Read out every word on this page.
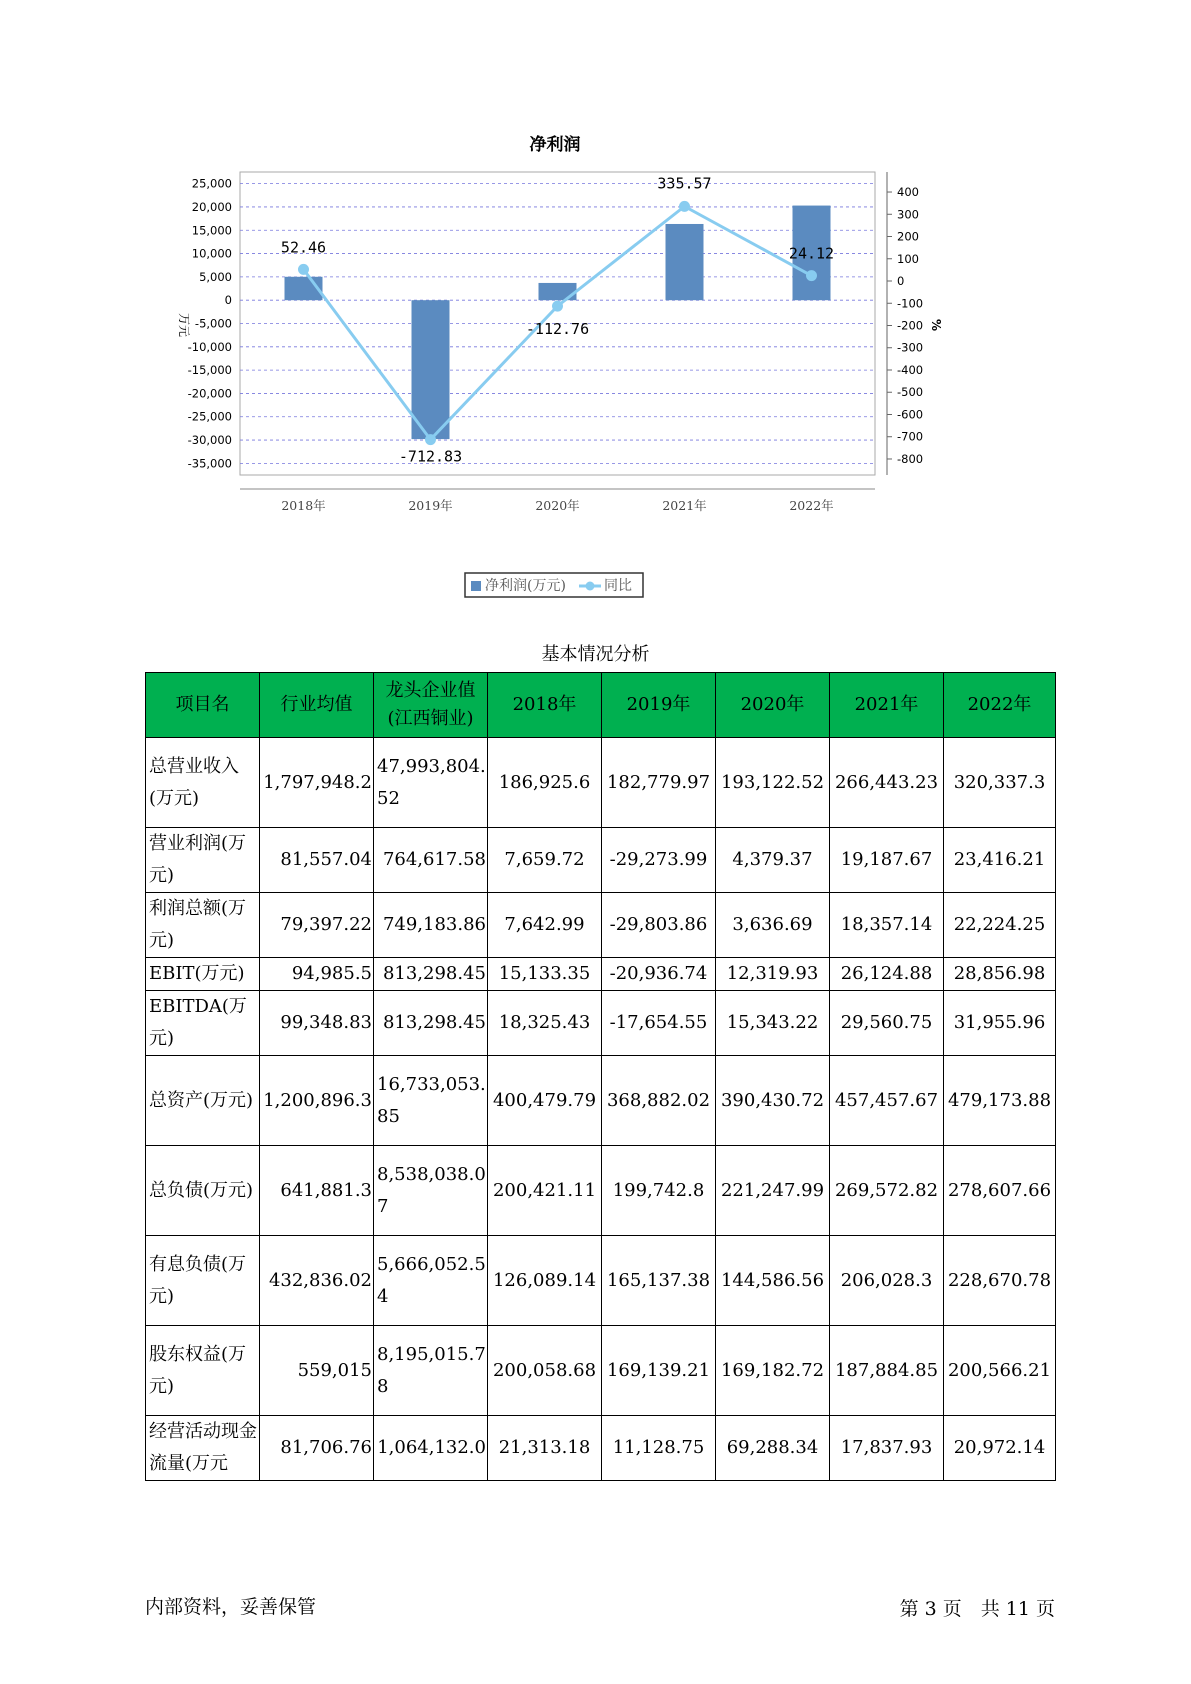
净利润
25,000
20,000
15,000
10,000
5,000
0
-5,000
-10,000
-15,000
-20,000
-25,000
-30,000
-35,000
400
300
200
100
0
-100
-200
-300
-400
-500
-600
-700
-800
万元	%
2018年	2019年	2020年	2021年	2022年
52.46
-712.83
-112.76
335.57
24.12
净利润(万元)	同比
基本情况分析
项目名	行业均值	龙头企业值(江西铜业)	2018年	2019年	2020年	2021年	2022年
总营业收入(万元)	1,797,948.2	47,993,804.52	186,925.6	182,779.97	193,122.52	266,443.23	320,337.3
营业利润(万元)	81,557.04	764,617.58	7,659.72	-29,273.99	4,379.37	19,187.67	23,416.21
利润总额(万元)	79,397.22	749,183.86	7,642.99	-29,803.86	3,636.69	18,357.14	22,224.25
EBIT(万元)	94,985.5	813,298.45	15,133.35	-20,936.74	12,319.93	26,124.88	28,856.98
EBITDA(万元)	99,348.83	813,298.45	18,325.43	-17,654.55	15,343.22	29,560.75	31,955.96
总资产(万元)	1,200,896.3	16,733,053.85	400,479.79	368,882.02	390,430.72	457,457.67	479,173.88
总负债(万元)	641,881.3	8,538,038.07	200,421.11	199,742.8	221,247.99	269,572.82	278,607.66
有息负债(万元)	432,836.02	5,666,052.54	126,089.14	165,137.38	144,586.56	206,028.3	228,670.78
股东权益(万元)	559,015	8,195,015.78	200,058.68	169,139.21	169,182.72	187,884.85	200,566.21
经营活动现金流量(万元	81,706.76	1,064,132.0	21,313.18	11,128.75	69,288.34	17,837.93	20,972.14
内部资料，妥善保管	第 3 页　共 11 页
